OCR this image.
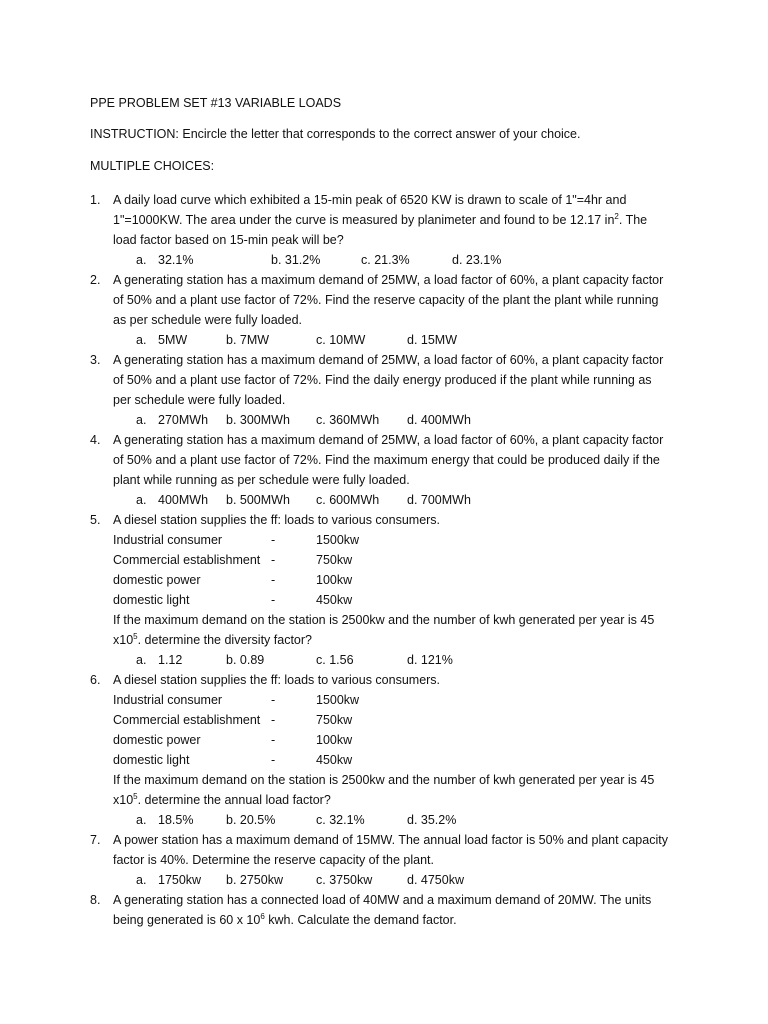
PPE PROBLEM SET #13 VARIABLE LOADS
INSTRUCTION: Encircle the letter that corresponds to the correct answer of your choice.
MULTIPLE CHOICES:
1.	A daily load curve which exhibited a 15-min peak of 6520 KW is drawn to scale of 1"=4hr and
1"=1000KW. The area under the curve is measured by planimeter and found to be 12.17 $in^2$. The
load factor based on 15-min peak will be?
a. 32.1%	b. 31.2%	c. 21.3%	d. 23.1%
2.	A generating station has a maximum demand of 25MW, a load factor of 60%, a plant capacity factor
of 50% and a plant use factor of 72%. Find the reserve capacity of the plant the plant while running
as per schedule were fully loaded.
a. 5MW	b. 7MW	c. 10MW	d. 15MW
3.	A generating station has a maximum demand of 25MW, a load factor of 60%, a plant capacity factor
of 50% and a plant use factor of 72%. Find the daily energy produced if the plant while running as
per schedule were fully loaded.
a. 270MWh b. 300MWh c. 360MWh d. 400MWh
4.	A generating station has a maximum demand of 25MW, a load factor of 60%, a plant capacity factor
of 50% and a plant use factor of 72%. Find the maximum energy that could be produced daily if the
plant while running as per schedule were fully loaded.
a. 400MWh b. 500MWh c. 600MWh d. 700MWh
5.	A diesel station supplies the ff: loads to various consumers.
Industrial consumer	-	1500kw
Commercial establishment -	750kw
domestic power	-	100kw
domestic light	-	450kw
If the maximum demand on the station is 2500kw and the number of kwh generated per year is 45
$x10^5$. determine the diversity factor?
a. 1.12	b. 0.89	c. 1.56	d. 121%
6.	A diesel station supplies the ff: loads to various consumers.
Industrial consumer	-	1500kw
Commercial establishment -	750kw
domestic power	-	100kw
domestic light	-	450kw
If the maximum demand on the station is 2500kw and the number of kwh generated per year is 45
$x10^5$. determine the annual load factor?
a. 18.5%	b. 20.5%	c. 32.1%	d. 35.2%
7.	A power station has a maximum demand of 15MW. The annual load factor is 50% and plant capacity
factor is 40%. Determine the reserve capacity of the plant.
a. 1750kw b. 2750kw	c. 3750kw	d. 4750kw
8.	A generating station has a connected load of 40MW and a maximum demand of 20MW. The units
being generated is 60 x $10^6$ kwh. Calculate the demand factor.
